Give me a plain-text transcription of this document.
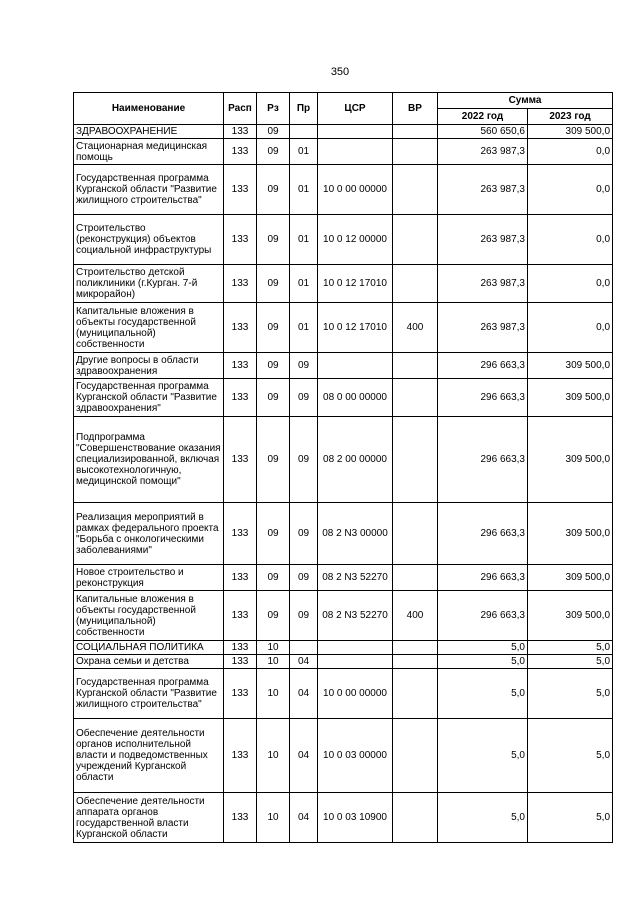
350
Наименование	Расп	Рз	Пр	ЦСР	ВР	Сумма	
						2022 год	2023 год
ЗДРАВООХРАНЕНИЕ	133	09				560 650,6	309 500,0
Стационарная медицинская помощь	133	09	01			263 987,3	0,0
Государственная программа Курганской области "Развитие жилищного строительства"	133	09	01	10 0 00 00000		263 987,3	0,0
Строительство (реконструкция) объектов социальной инфраструктуры	133	09	01	10 0 12 00000		263 987,3	0,0
Строительство детской поликлиники (г.Курган. 7-й микрорайон)	133	09	01	10 0 12 17010		263 987,3	0,0
Капитальные вложения в объекты государственной (муниципальной) собственности	133	09	01	10 0 12 17010	400	263 987,3	0,0
Другие вопросы в области здравоохранения	133	09	09			296 663,3	309 500,0
Государственная программа Курганской области "Развитие здравоохранения"	133	09	09	08 0 00 00000		296 663,3	309 500,0
Подпрограмма "Совершенствование оказания специализированной, включая высокотехнологичную, медицинской помощи"	133	09	09	08 2 00 00000		296 663,3	309 500,0
Реализация мероприятий в рамках федерального проекта "Борьба с онкологическими заболеваниями"	133	09	09	08 2 N3 00000		296 663,3	309 500,0
Новое строительство и реконструкция	133	09	09	08 2 N3 52270		296 663,3	309 500,0
Капитальные вложения в объекты государственной (муниципальной) собственности	133	09	09	08 2 N3 52270	400	296 663,3	309 500,0
СОЦИАЛЬНАЯ ПОЛИТИКА	133	10				5,0	5,0
Охрана семьи и детства	133	10	04			5,0	5,0
Государственная программа Курганской области "Развитие жилищного строительства"	133	10	04	10 0 00 00000		5,0	5,0
Обеспечение деятельности органов исполнительной власти и подведомственных учреждений Курганской области	133	10	04	10 0 03 00000		5,0	5,0
Обеспечение деятельности аппарата органов государственной власти Курганской области	133	10	04	10 0 03 10900		5,0	5,0
